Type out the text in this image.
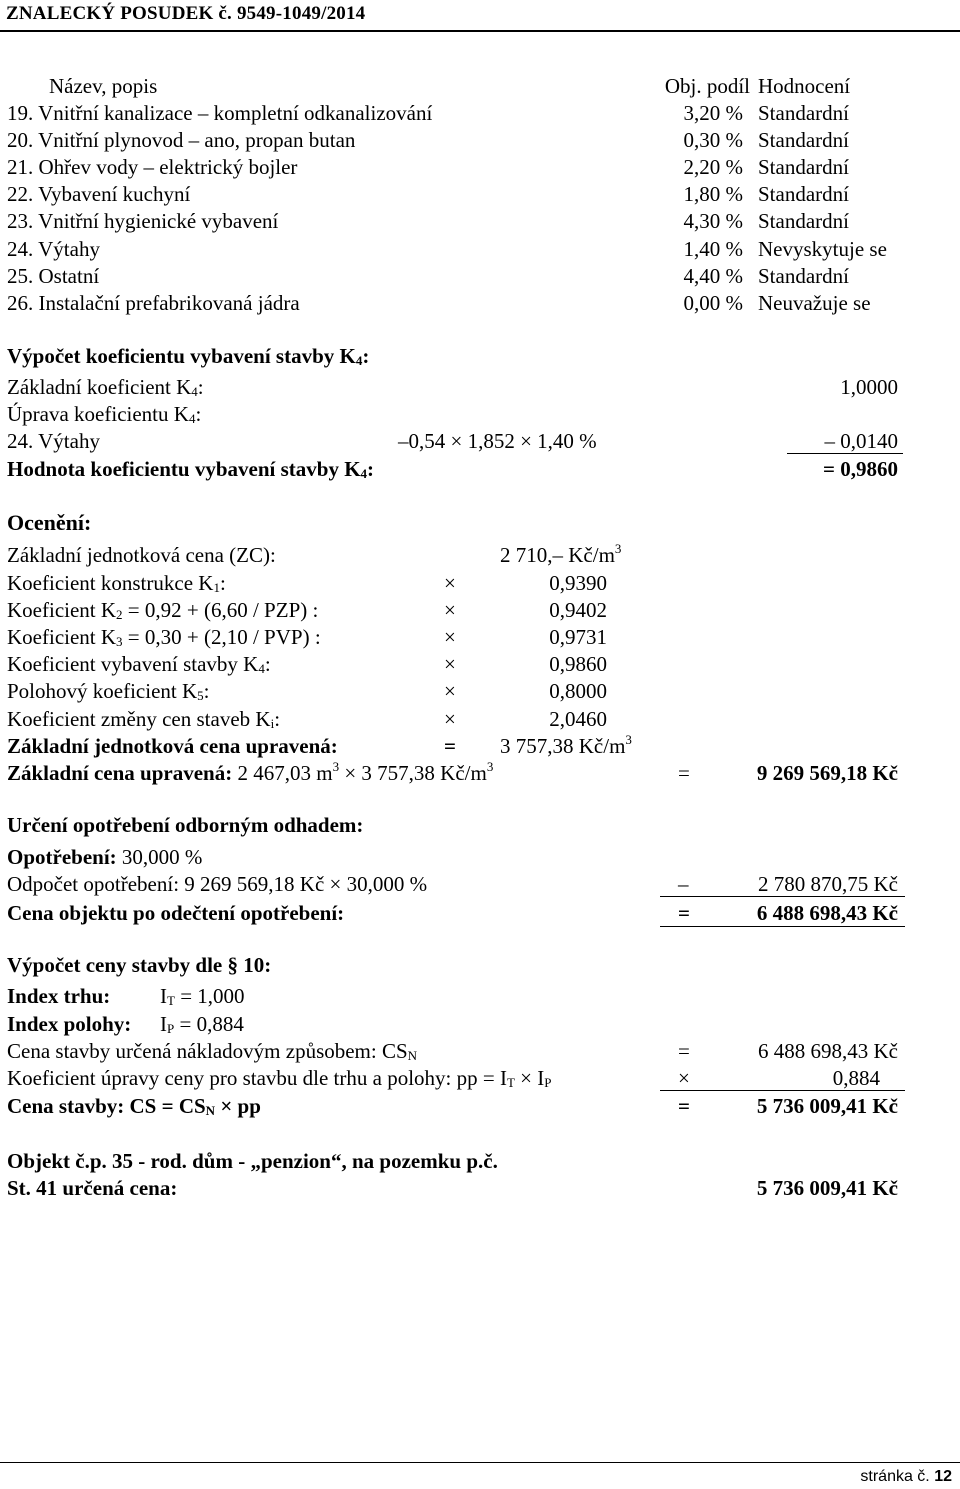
ZNALECKÝ POSUDEK č. 9549-1049/2014
Název, popis	Obj. podíl Hodnocení
19. Vnitřní kanalizace – kompletní odkanalizování	3,20 % Standardní
20. Vnitřní plynovod – ano, propan butan	0,30 % Standardní
21. Ohřev vody – elektrický bojler	2,20 % Standardní
22. Vybavení kuchyní	1,80 % Standardní
23. Vnitřní hygienické vybavení	4,30 % Standardní
24. Výtahy	1,40 % Nevyskytuje se
25. Ostatní	4,40 % Standardní
26. Instalační prefabrikovaná jádra	0,00 % Neuvažuje se
Výpočet koeficientu vybavení stavby $K_4$:
Základní koeficient $K_4$:	1,0000
Úprava koeficientu $K_4$:
24. Výtahy	–0,54 × 1,852 × 1,40 %	– 0,0140
Hodnota koeficientu vybavení stavby $K_4$:	= 0,9860
Ocenění:
Základní jednotková cena (ZC):	2 710,– $Kč/m^3$
Koeficient konstrukce $K_1$:	×	0,9390
Koeficient $K_2 = 0,92 + (6,60 / PZP)$ :	×	0,9402
Koeficient $K_3 = 0,30 + (2,10 / PVP)$ :	×	0,9731
Koeficient vybavení stavby $K_4$:	×	0,9860
Polohový koeficient $K_5$:	×	0,8000
Koeficient změny cen staveb $K_i$:	×	2,0460
Základní jednotková cena upravená:	= 3 757,38 $Kč/m^3$
Základní cena upravená: 2 467,03 $m^3 \times 3$ 757,38 $Kč/m^3$	=	9 269 569,18 Kč
Určení opotřebení odborným odhadem:
Opotřebení: 30,000 %
Odpočet opotřebení: 9 269 569,18 Kč × 30,000 %	–	2 780 870,75 Kč
Cena objektu po odečtení opotřebení:	=	6 488 698,43 Kč
Výpočet ceny stavby dle § 10:
Index trhu: $I_T = 1,000$
Index polohy: $I_P = 0,884$
Cena stavby určená nákladovým způsobem: $CS_N$	=	6 488 698,43 Kč
Koeficient úpravy ceny pro stavbu dle trhu a polohy: pp = $I_T \times I_P$	×	0,884
Cena stavby: CS = $CS_N$ × pp	=	5 736 009,41 Kč
Objekt č.p. 35 - rod. dům - „penzion“, na pozemku p.č.
St. 41 určená cena:	5 736 009,41 Kč
stránka č. 12
